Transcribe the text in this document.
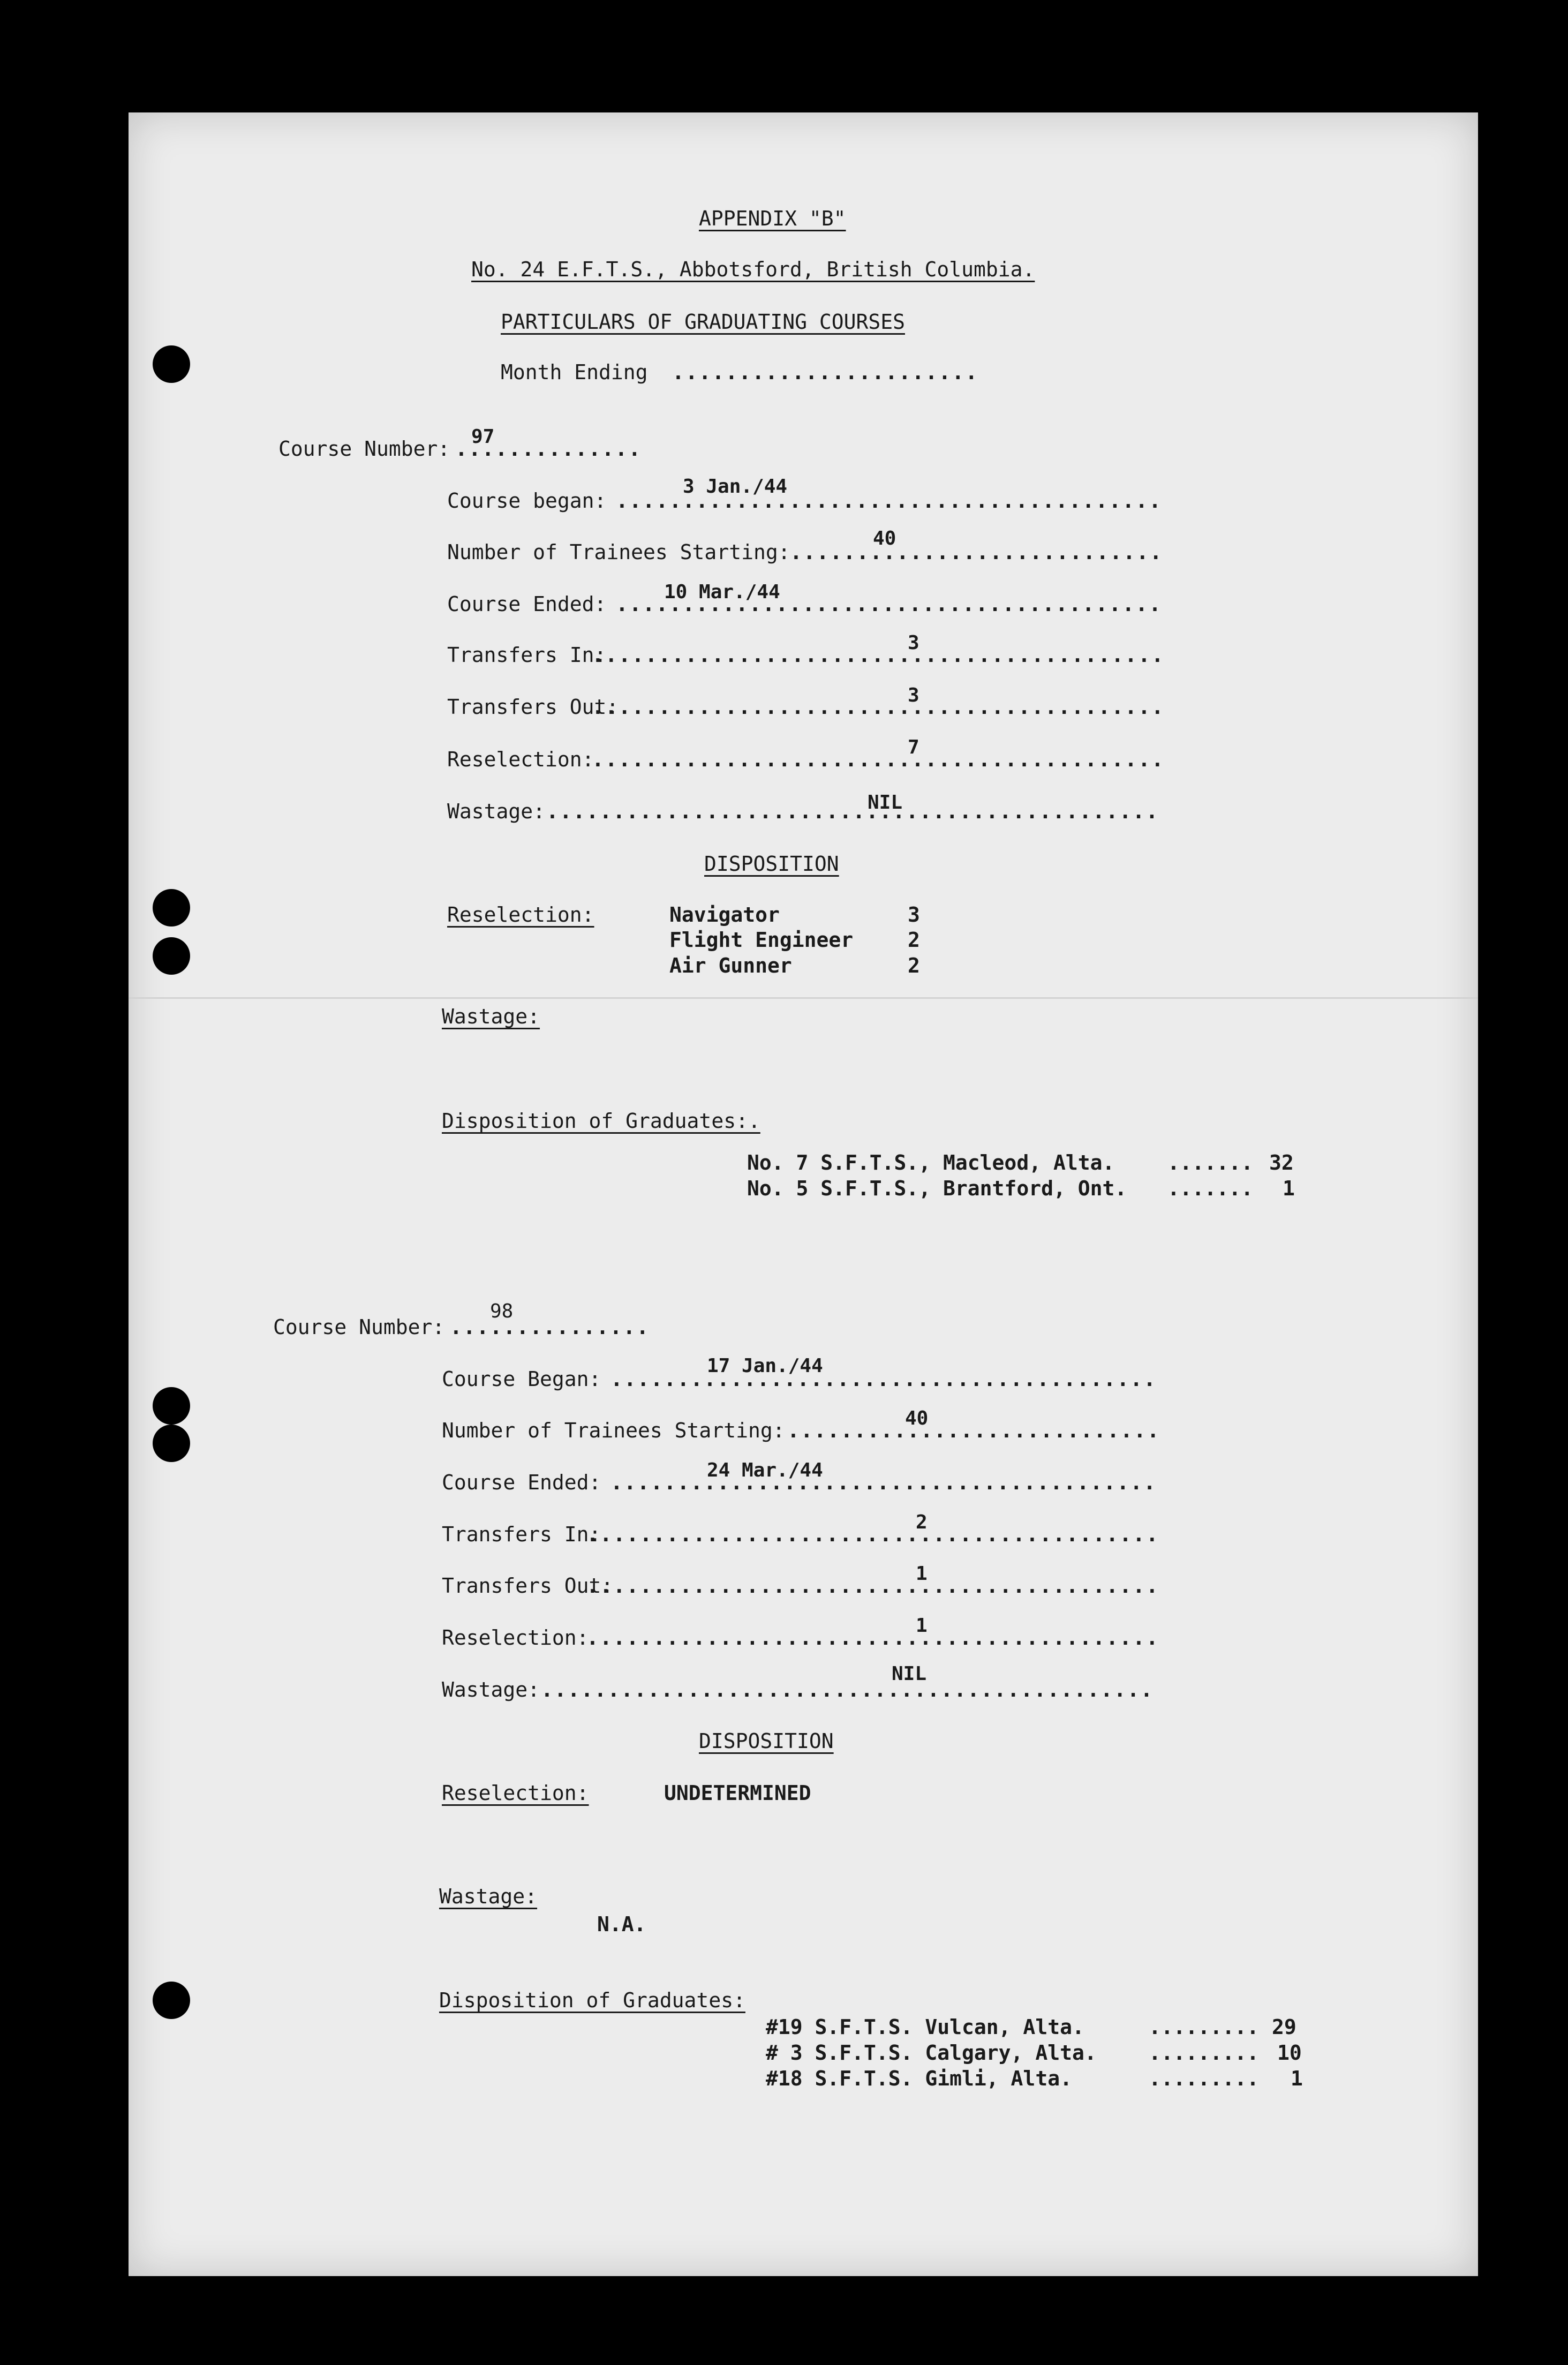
APPENDIX "B"
No. 24 E.F.T.S., Abbotsford, British Columbia.
PARTICULARS OF GRADUATING COURSES
Month Ending
.....
Course Number:
.....
97
Course began:
.....
3 Jan./44
Number of Trainees Starting:
.....
40
Course Ended:
.....
10 Mar./44
Transfers In:
.....
3
Transfers Out: .....	3
Reselection:
.....
7
Wastage: .....	NIL
DISPOSITION
Reselection:	Navigator	3
Flight Engineer	2
Air Gunner	2
Wastage:
Disposition of Graduates:.
No. 7 S.F.T.S., Macleod, Alta.	....... 32
No. 5 S.F.T.S., Brantford, Ont. ....... 1
Course Number:
.....
98
Course Began:
.....
17 Jan./44
Number of Trainees Starting:
.....
40
Course Ended:
.....
24 Mar./44
Transfers In:
.....
2
Transfers Out:
.....
1
Reselection:
.....
1
Wastage:
.....
NIL
DISPOSITION
Reselection:	UNDETERMINED
Wastage:
N.A.
Disposition of Graduates:
#19 S.F.T.S. Vulcan, Alta.	......... 29
# 3 S.F.T.S. Calgary, Alta.	......... 10
#18 S.F.T.S. Gimli, Alta.	......... 1
